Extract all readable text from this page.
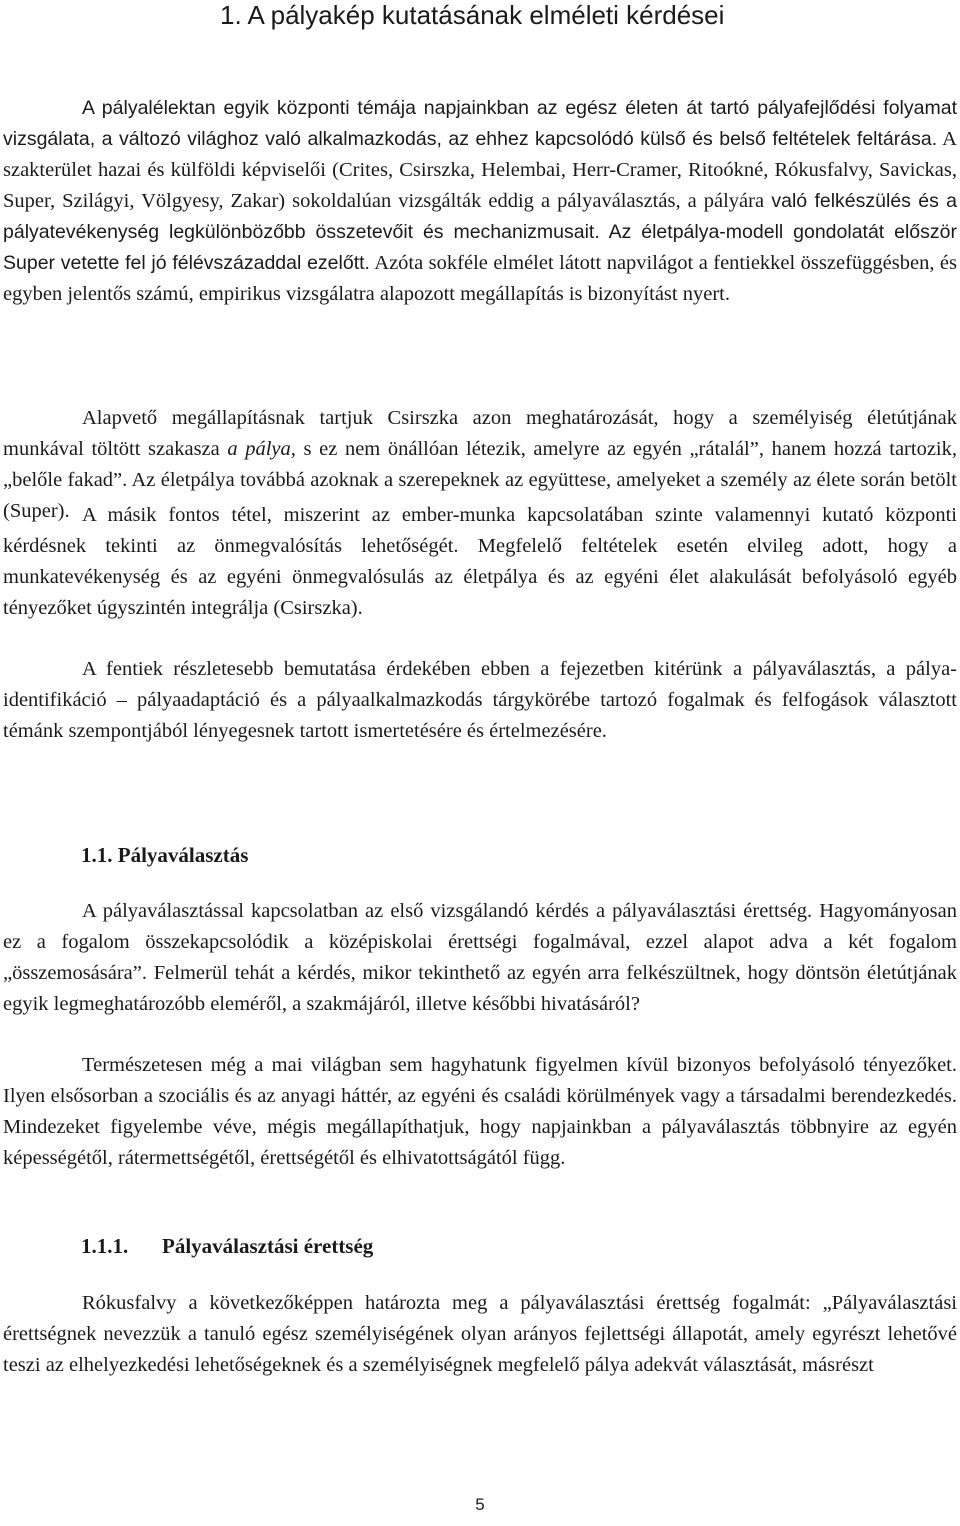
1. A pályakép kutatásának elméleti kérdései

A pályalélektan egyik központi témája napjainkban az egész életen át tartó pályafejlődési folyamat vizsgálata, a változó világhoz való alkalmazkodás, az ehhez kapcsolódó külső és belső feltételek feltárása. A szakterület hazai és külföldi képviselői (Crites, Csirszka, Helembai, Herr-Cramer, Ritoókné, Rókusfalvy, Savickas, Super, Szilágyi, Völgyesy, Zakar) sokoldalúan vizsgálták eddig a pályaválasztás, a pályára való felkészülés és a pályatevékenység legkülönbözőbb összetevőit és mechanizmusait. Az életpálya-modell gondolatát először Super vetette fel jó félévszázaddal ezelőtt. Azóta sokféle elmélet látott napvilágot a fentiekkel összefüggésben, és egyben jelentős számú, empirikus vizsgálatra alapozott megállapítás is bizonyítást nyert.

Alapvető megállapításnak tartjuk Csirszka azon meghatározását, hogy a személyiség életútjának munkával töltött szakasza a pálya, s ez nem önállóan létezik, amelyre az egyén „rátalál”, hanem hozzá tartozik, „belőle fakad”. Az életpálya továbbá azoknak a szerepeknek az együttese, amelyeket a személy az élete során betölt (Super). A másik fontos tétel, miszerint az ember-munka kapcsolatában szinte valamennyi kutató központi kérdésnek tekinti az önmegvalósítás lehetőségét. Megfelelő feltételek esetén elvileg adott, hogy a munkatevékenység és az egyéni önmegvalósulás az életpálya és az egyéni élet alakulását befolyásoló egyéb tényezőket úgyszintén integrálja (Csirszka).

A fentiek részletesebb bemutatása érdekében ebben a fejezetben kitérünk a pályaválasztás, a pálya-identifikáció – pályaadaptáció és a pályaalkalmazkodás tárgykörébe tartozó fogalmak és felfogások választott témánk szempontjából lényegesnek tartott ismertetésére és értelmezésére.

1.1. Pályaválasztás

A pályaválasztással kapcsolatban az első vizsgálandó kérdés a pályaválasztási érettség. Hagyományosan ez a fogalom összekapcsolódik a középiskolai érettségi fogalmával, ezzel alapot adva a két fogalom „összemosására”. Felmerül tehát a kérdés, mikor tekinthető az egyén arra felkészültnek, hogy döntsön életútjának egyik legmeghatározóbb eleméről, a szakmájáról, illetve későbbi hivatásáról?

Természetesen még a mai világban sem hagyhatunk figyelmen kívül bizonyos befolyásoló tényezőket. Ilyen elsősorban a szociális és az anyagi háttér, az egyéni és családi körülmények vagy a társadalmi berendezkedés. Mindezeket figyelembe véve, mégis megállapíthatjuk, hogy napjainkban a pályaválasztás többnyire az egyén képességétől, rátermettségétől, érettségétől és elhivatottságától függ.

1.1.1. Pályaválasztási érettség

Rókusfalvy a következőképpen határozta meg a pályaválasztási érettség fogalmát: „Pályaválasztási érettségnek nevezzük a tanuló egész személyiségének olyan arányos fejlettségi állapotát, amely egyrészt lehetővé teszi az elhelyezkedési lehetőségeknek és a személyiségnek megfelelő pálya adekvát választását, másrészt

5
